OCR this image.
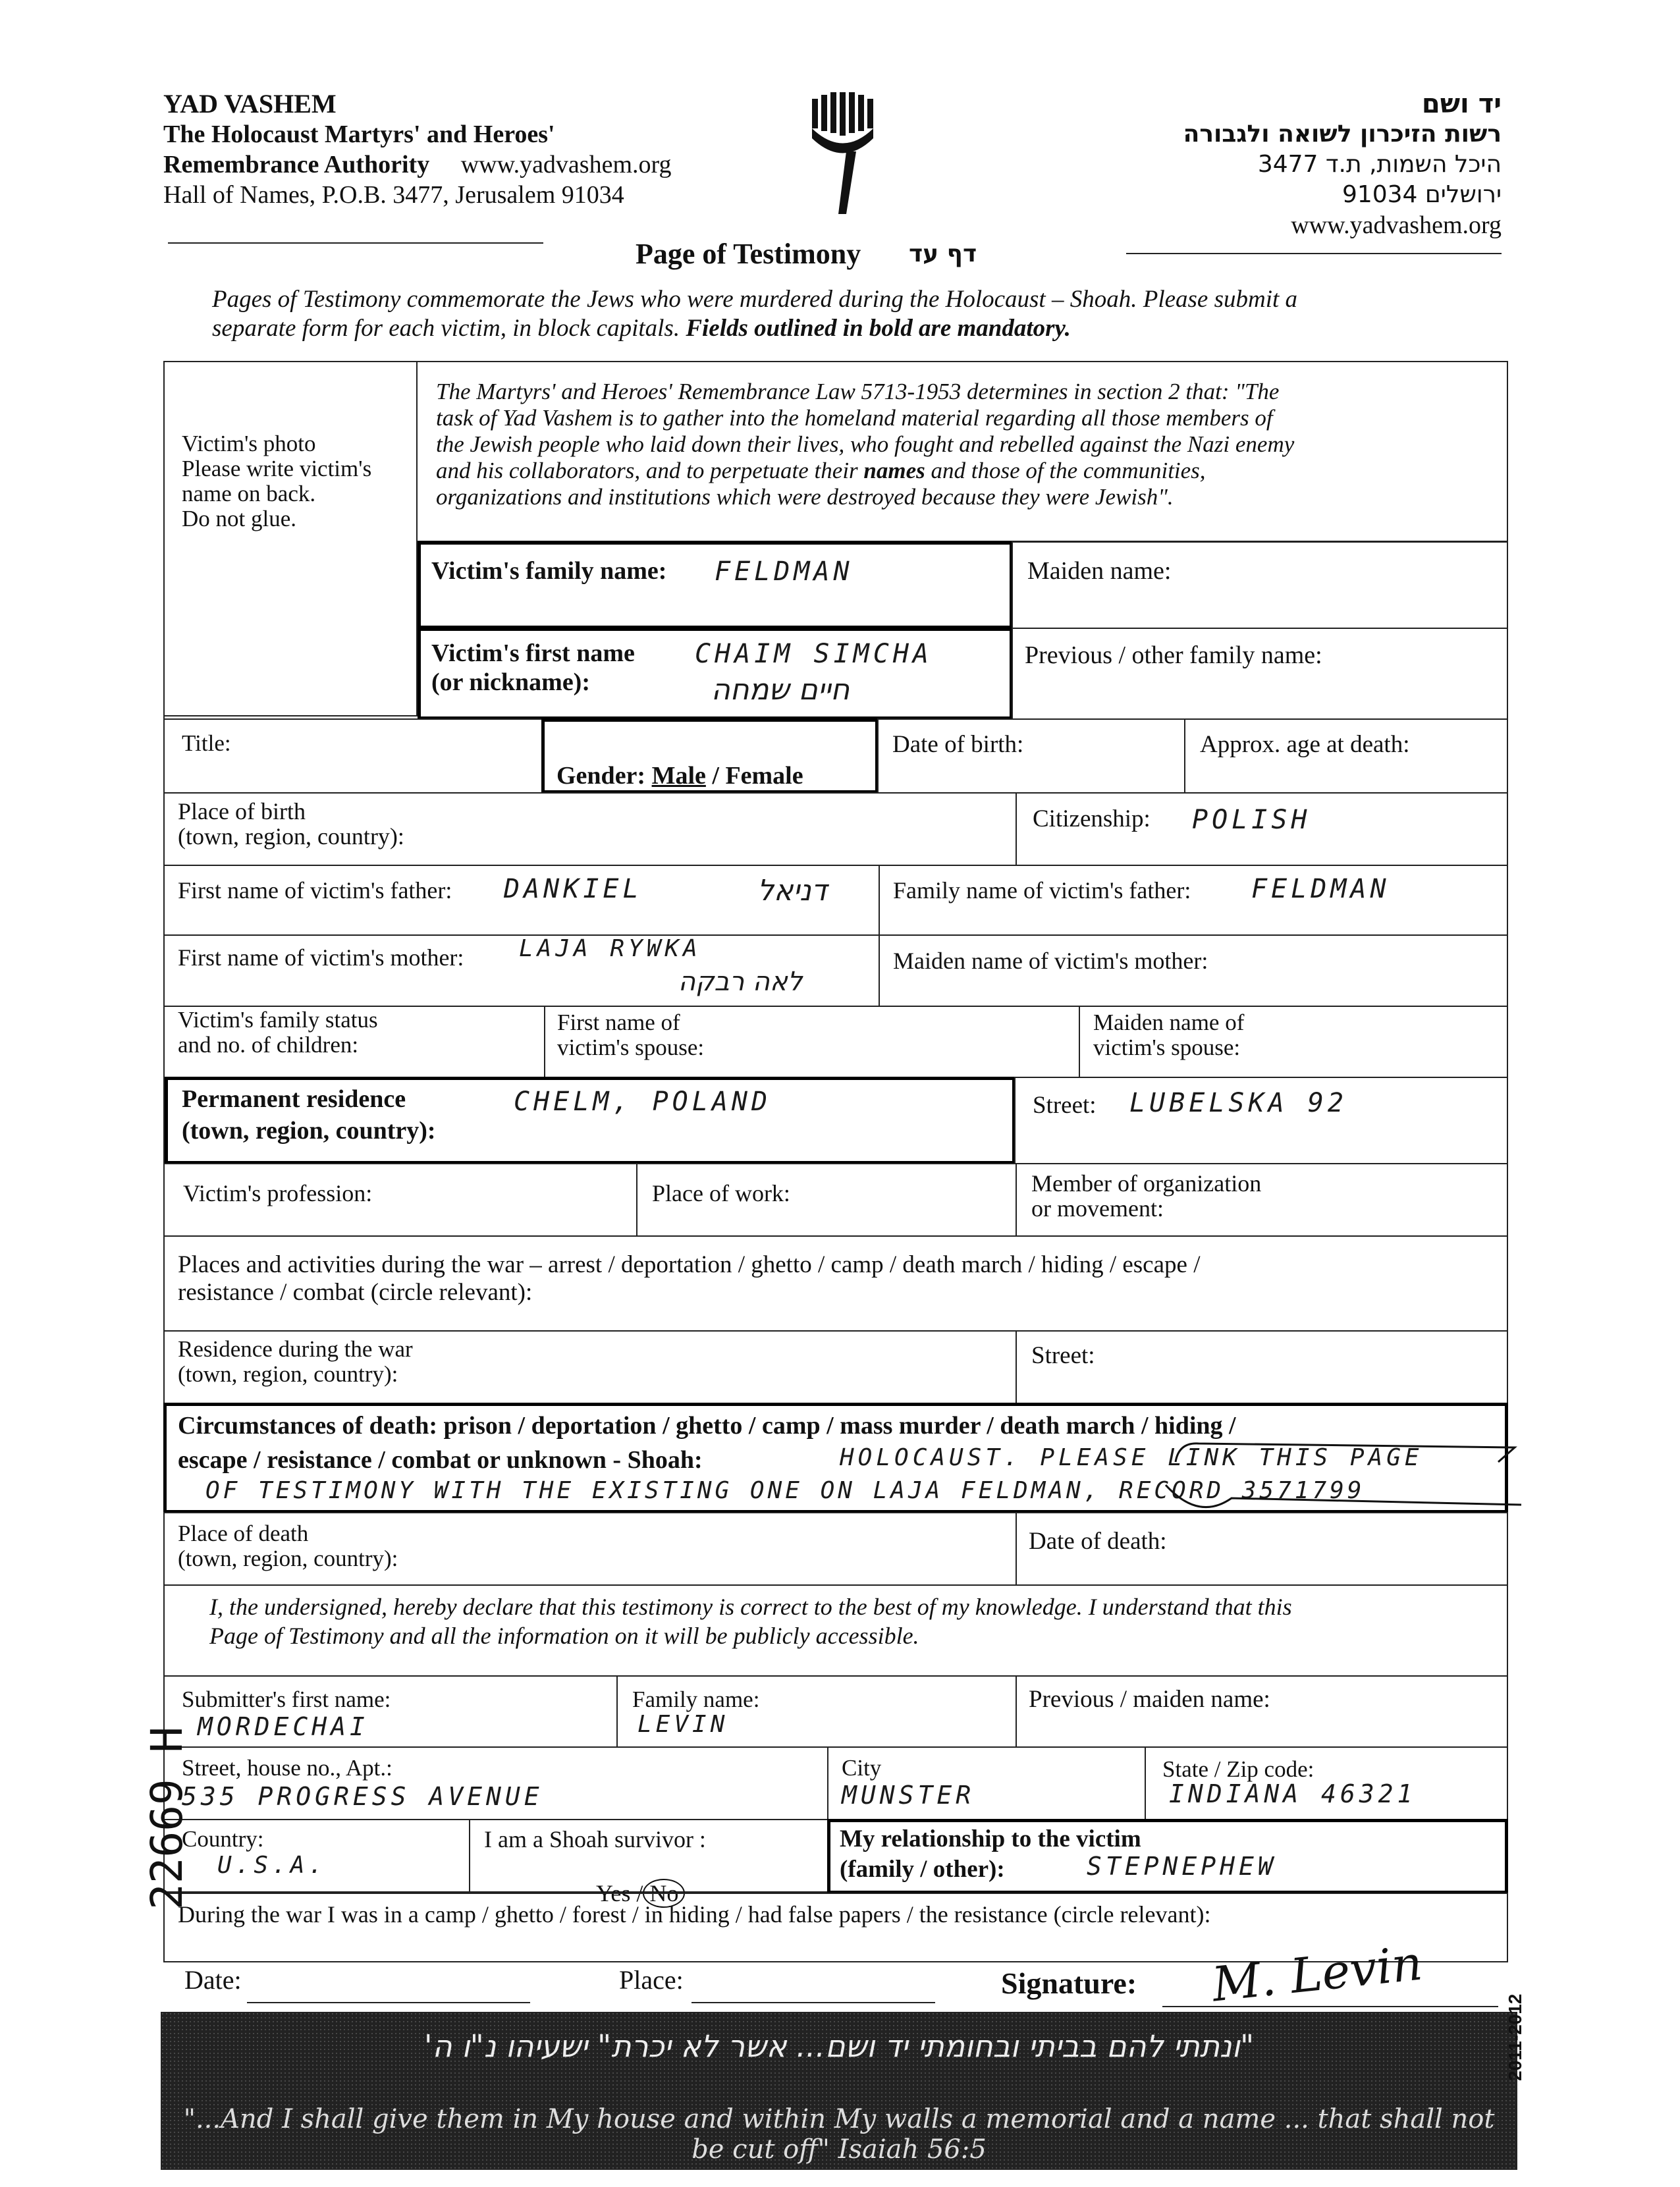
YAD VASHEM
The Holocaust Martyrs' and Heroes'
Remembrance Authority www.yadvashem.org
Hall of Names, P.O.B. 3477, Jerusalem 91034
יד ושם
רשות הזיכרון לשואה ולגבורה
היכל השמות, ת.ד 3477
ירושלים 91034
www.yadvashem.org
Page of Testimony דף עד
Pages of Testimony commemorate the Jews who were murdered during the Holocaust – Shoah. Please submit a
separate form for each victim, in block capitals. Fields outlined in bold are mandatory.
Victim's photo
Please write victim's
name on back.
Do not glue.
The Martyrs' and Heroes' Remembrance Law 5713-1953 determines in section 2 that: "The
task of Yad Vashem is to gather into the homeland material regarding all those members of
the Jewish people who laid down their lives, who fought and rebelled against the Nazi enemy
and his collaborators, and to perpetuate their names and those of the communities,
organizations and institutions which were destroyed because they were Jewish".
Victim's family name: FELDMAN	Maiden name:
Victim's first name
(or nickname):
CHAIM SIMCHA
חיים שמחה
Previous / other family name:
Title:

Gender: Male / Female

Date of birth:	Approx. age at death:
Place of birth
(town, region, country):
Citizenship: POLISH
First name of victim's father: DANKIEL	דניאל	Family name of victim's father: FELDMAN
First name of victim's mother: LAJA RYWKA
לאה רבקה
Maiden name of victim's mother:
Victim's family status
and no. of children:
First name of
victim's spouse:
Maiden name of
victim's spouse:
Permanent residence
(town, region, country):
CHELM, POLAND	Street: LUBELSKA 92
Victim's profession:	Place of work:	Member of organization
or movement:
Places and activities during the war – arrest / deportation / ghetto / camp / death march / hiding / escape /
resistance / combat (circle relevant):
Residence during the war
(town, region, country):
Street:
Circumstances of death: prison / deportation / ghetto / camp / mass murder / death march / hiding /
escape / resistance / combat or unknown - Shoah:	HOLOCAUST. PLEASE LINK THIS PAGE
OF TESTIMONY WITH THE EXISTING ONE ON LAJA FELDMAN, RECORD 3571799
Place of death
(town, region, country):
Date of death:
I, the undersigned, hereby declare that this testimony is correct to the best of my knowledge. I understand that this
Page of Testimony and all the information on it will be publicly accessible.
Submitter's first name:
MORDECHAI
Family name:
LEVIN
Previous / maiden name:
Street, house no., Apt.:
535 PROGRESS AVENUE
City
MUNSTER
State / Zip code:
INDIANA 46321
Country:
U.S.A.
I am a Shoah survivor :

Yes / No

My relationship to the victim
(family / other):	STEPNEPHEW
During the war I was in a camp / ghetto / forest / in hiding / had false papers / the resistance (circle relevant):
Date:	Place:	Signature: M. Levin
"ונתתי להם בביתי ובחומתי יד ושם... אשר לא יכרת" ישעיהו נ"ו ה'
"...And I shall give them in My house and within My walls a memorial and a name ... that shall not be cut off" Isaiah 56:5
2011-2012
22669 H
